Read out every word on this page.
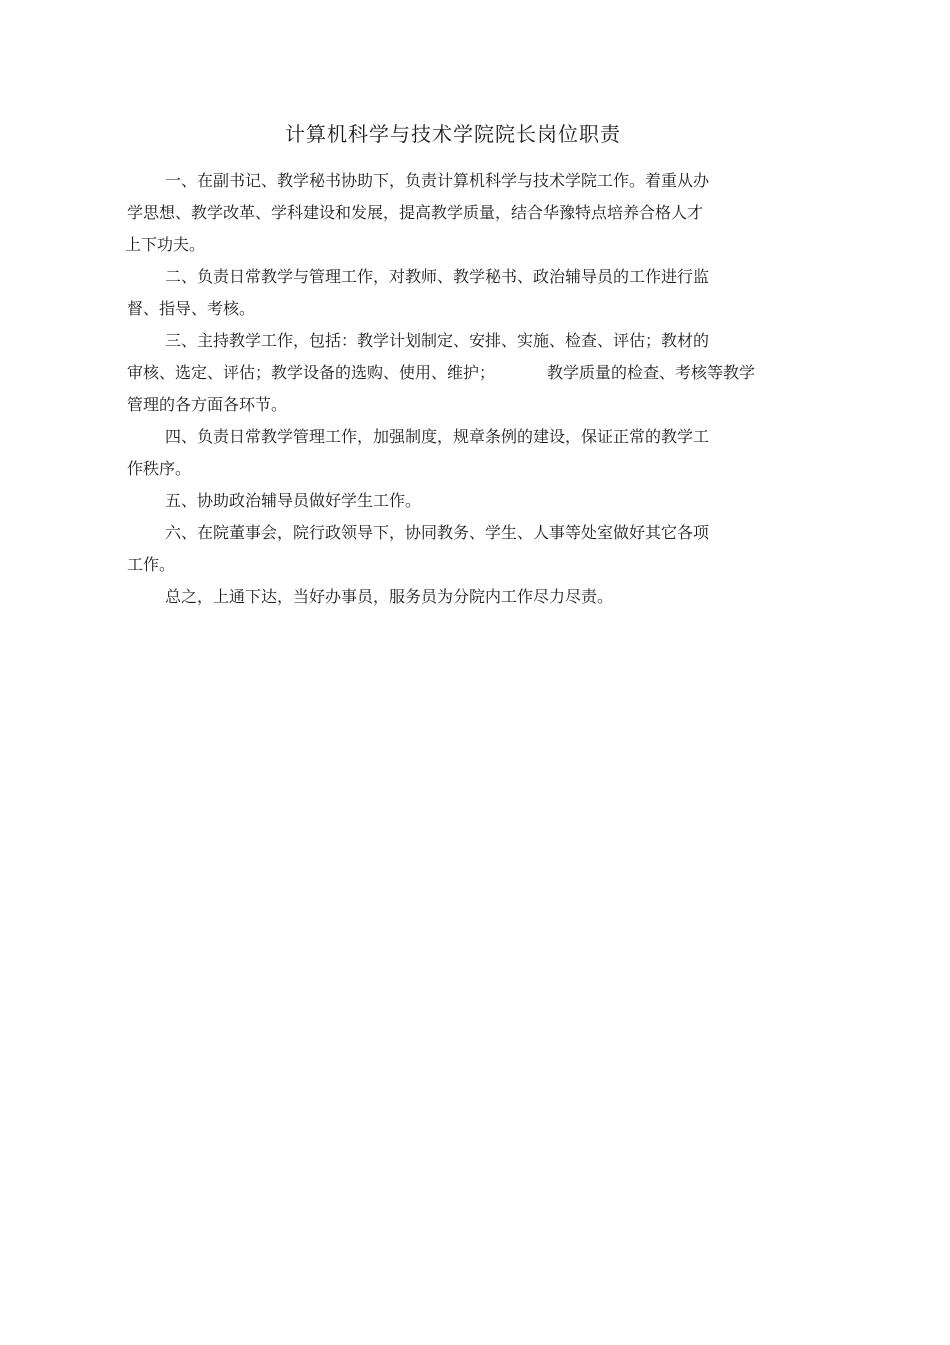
计算机科学与技术学院院长岗位职责
一、在副书记、教学秘书协助下，负责计算机科学与技术学院工作。着重从办
学思想、教学改革、学科建设和发展，提高教学质量，结合华豫特点培养合格人才
上下功夫。
二、负责日常教学与管理工作，对教师、教学秘书、政治辅导员的工作进行监
督、指导、考核。
三、主持教学工作，包括：教学计划制定、安排、实施、检查、评估；教材的
审核、选定、评估；教学设备的选购、使用、维护；	教学质量的检查、考核等教学
管理的各方面各环节。
四、负责日常教学管理工作，加强制度，规章条例的建设，保证正常的教学工
作秩序。
五、协助政治辅导员做好学生工作。
六、在院董事会，院行政领导下，协同教务、学生、人事等处室做好其它各项
工作。
总之，上通下达，当好办事员，服务员为分院内工作尽力尽责。
